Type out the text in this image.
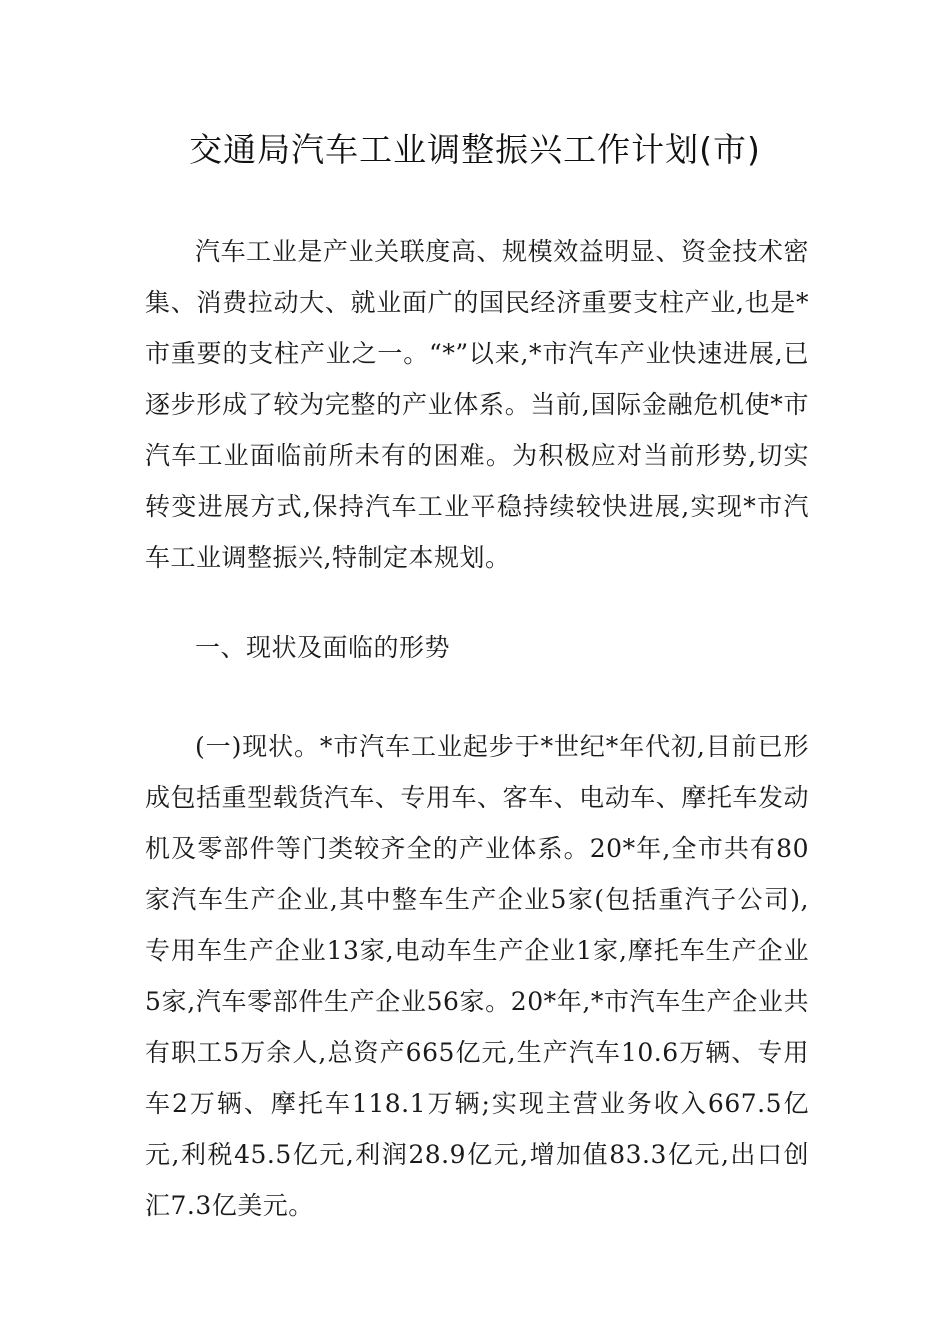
交通局汽车工业调整振兴工作计划(市)

汽车工业是产业关联度高、规模效益明显、资金技术密集、消费拉动大、就业面广的国民经济重要支柱产业,也是*市重要的支柱产业之一。“*”以来,*市汽车产业快速进展,已逐步形成了较为完整的产业体系。当前,国际金融危机使*市汽车工业面临前所未有的困难。为积极应对当前形势,切实转变进展方式,保持汽车工业平稳持续较快进展,实现*市汽车工业调整振兴,特制定本规划。

一、现状及面临的形势

(一)现状。*市汽车工业起步于*世纪*年代初,目前已形成包括重型载货汽车、专用车、客车、电动车、摩托车发动机及零部件等门类较齐全的产业体系。20*年,全市共有80家汽车生产企业,其中整车生产企业5家(包括重汽子公司),专用车生产企业13家,电动车生产企业1家,摩托车生产企业5家,汽车零部件生产企业56家。20*年,*市汽车生产企业共有职工5万余人,总资产665亿元,生产汽车10.6万辆、专用车2万辆、摩托车118.1万辆;实现主营业务收入667.5亿元,利税45.5亿元,利润28.9亿元,增加值83.3亿元,出口创汇7.3亿美元。
